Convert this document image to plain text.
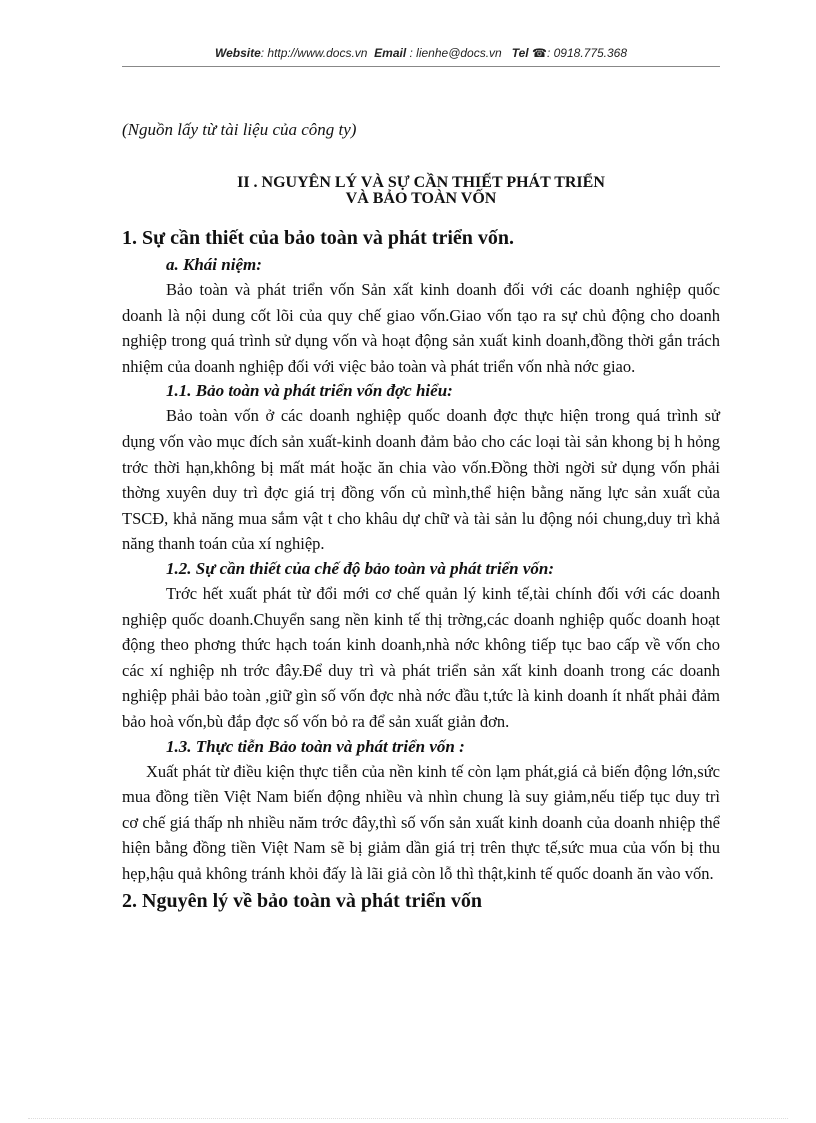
Website: http://www.docs.vn Email : lienhe@docs.vn Tel ☎: 0918.775.368
(Nguồn lấy từ tài liệu của công ty)
II . NGUYÊN LÝ VÀ SỰ CẦN THIẾT PHÁT TRIỂN
VÀ BẢO TOÀN VỐN
1. Sự cần thiết của bảo toàn và phát triển vốn.
a. Khái niệm:

Bảo toàn và phát triển vốn Sản xất kinh doanh đối với các doanh nghiệp quốc doanh là nội dung cốt lõi của quy chế giao vốn.Giao vốn tạo ra sự chủ động cho doanh nghiệp trong quá trình sử dụng vốn và hoạt động sản xuất kinh doanh,đồng thời gắn trách nhiệm của doanh nghiệp đối với việc bảo toàn và phát triển vốn nhà nớc giao.

1.1. Bảo toàn và phát triển vốn đợc hiểu:

Bảo toàn vốn ở các doanh nghiệp quốc doanh đợc thực hiện trong quá trình sử dụng vốn vào mục đích sản xuất-kinh doanh đảm bảo cho các loại tài sản khong bị h hỏng trớc thời hạn,không bị mất mát hoặc ăn chia vào vốn.Đồng thời ngời sử dụng vốn phải thờng xuyên duy trì đợc giá trị đồng vốn củ mình,thể hiện bằng năng lực sản xuất của TSCĐ, khả năng mua sắm vật t cho khâu dự chữ và tài sản lu động nói chung,duy trì khả năng thanh toán của xí nghiệp.

1.2. Sự cần thiết của chế độ bảo toàn và phát triển vốn:

Trớc hết xuất phát từ đổi mới cơ chế quản lý kinh tế,tài chính đối với các doanh nghiệp quốc doanh.Chuyển sang nền kinh tế thị trờng,các doanh nghiệp quốc doanh hoạt động theo phơng thức hạch toán kinh doanh,nhà nớc không tiếp tục bao cấp về vốn cho các xí nghiệp nh trớc đây.Để duy trì và phát triển sản xất kinh doanh trong các doanh nghiệp phải bảo toàn ,giữ gìn số vốn đợc nhà nớc đầu t,tức là kinh doanh ít nhất phải đảm bảo hoà vốn,bù đắp đợc số vốn bỏ ra để sản xuất giản đơn.

1.3. Thực tiễn Bảo toàn và phát triển vốn :

Xuất phát từ điều kiện thực tiễn của nền kinh tế còn lạm phát,giá cả biến động lớn,sức mua đồng tiền Việt Nam biến động nhiều và nhìn chung là suy giảm,nếu tiếp tục duy trì cơ chế giá thấp nh nhiều năm trớc đây,thì số vốn sản xuất kinh doanh của doanh nhiệp thể hiện bằng đồng tiền Việt Nam sẽ bị giảm dần giá trị trên thực tế,sức mua của vốn bị thu hẹp,hậu quả không tránh khỏi đấy là lãi giả còn lỗ thì thật,kinh tế quốc doanh ăn vào vốn.

2. Nguyên lý về bảo toàn và phát triển vốn
